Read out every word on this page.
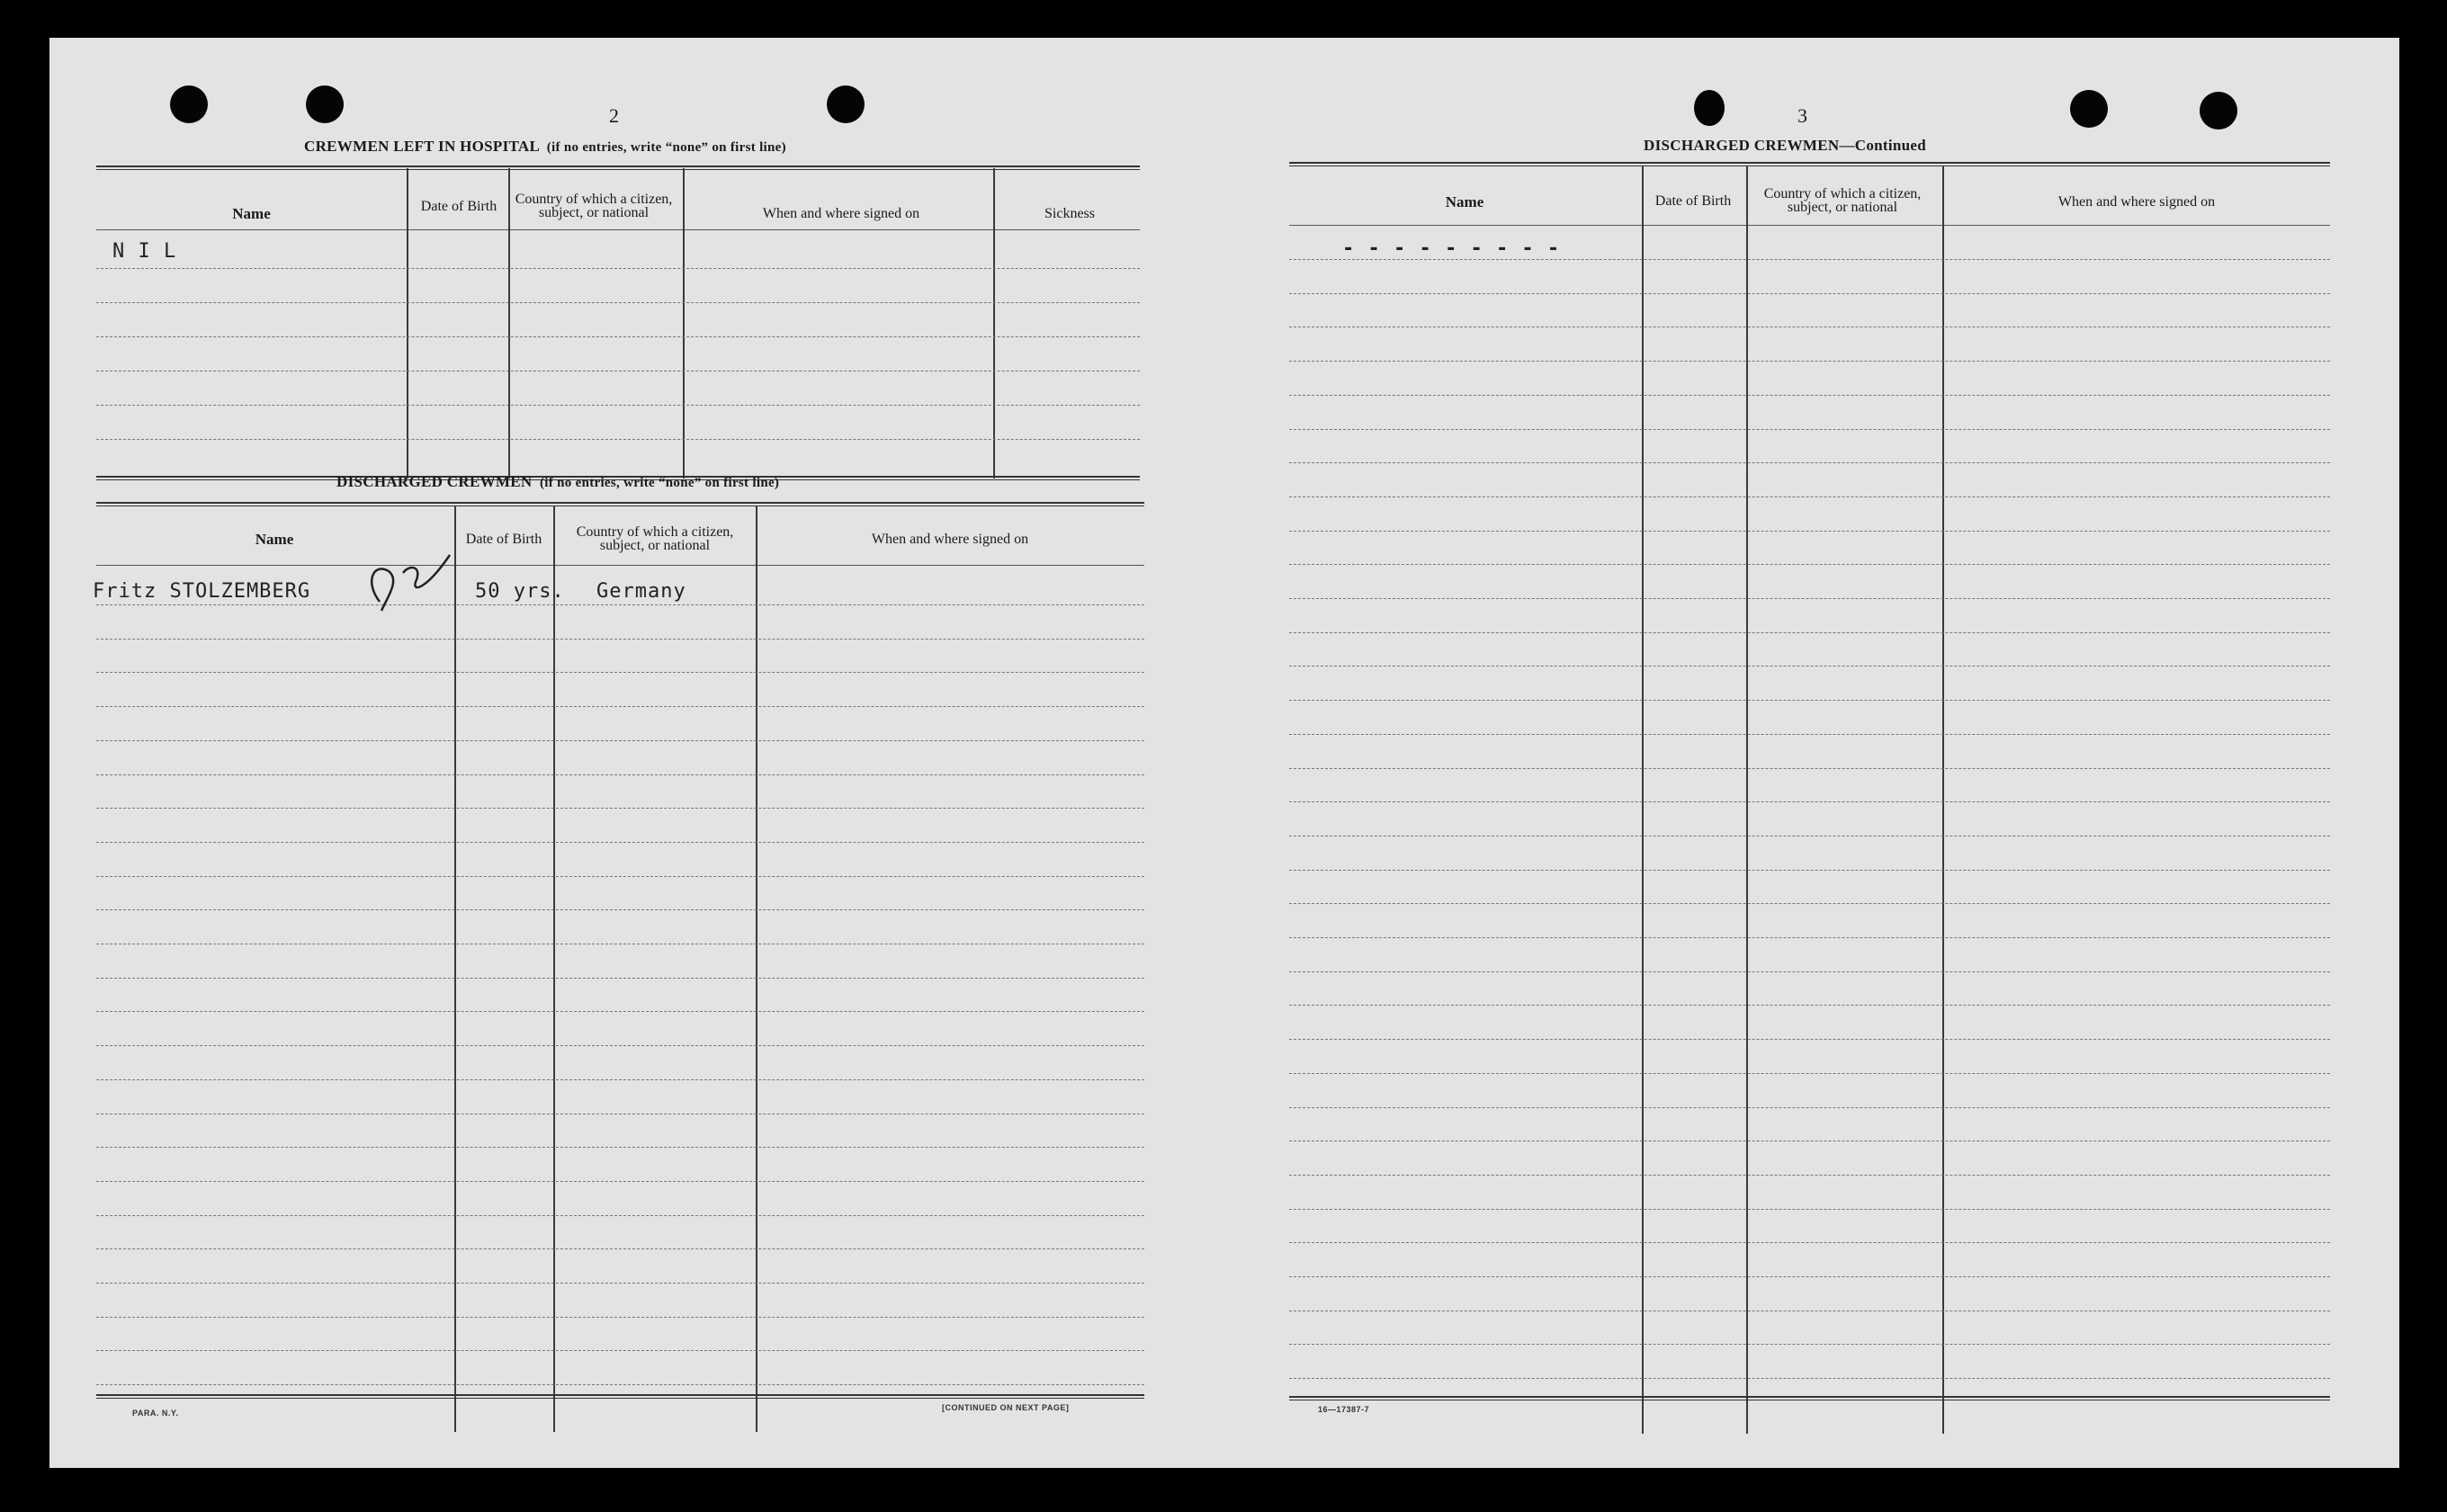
2
CREWMEN LEFT IN HOSPITAL (if no entries, write “none” on first line)
Name	Date of Birth	Country of which a citizen, subject, or national	When and where signed on	Sickness
N I L
DISCHARGED CREWMEN (if no entries, write “none” on first line)
Name	Date of Birth	Country of which a citizen, subject, or national	When and where signed on
Fritz STOLZEMBERG	50 yrs. Germany
PARA. N.Y.
[CONTINUED ON NEXT PAGE]
3
DISCHARGED CREWMEN—Continued
Name	Date of Birth	Country of which a citizen, subject, or national	When and where signed on
- - - - - - - - -
16—17387-7
